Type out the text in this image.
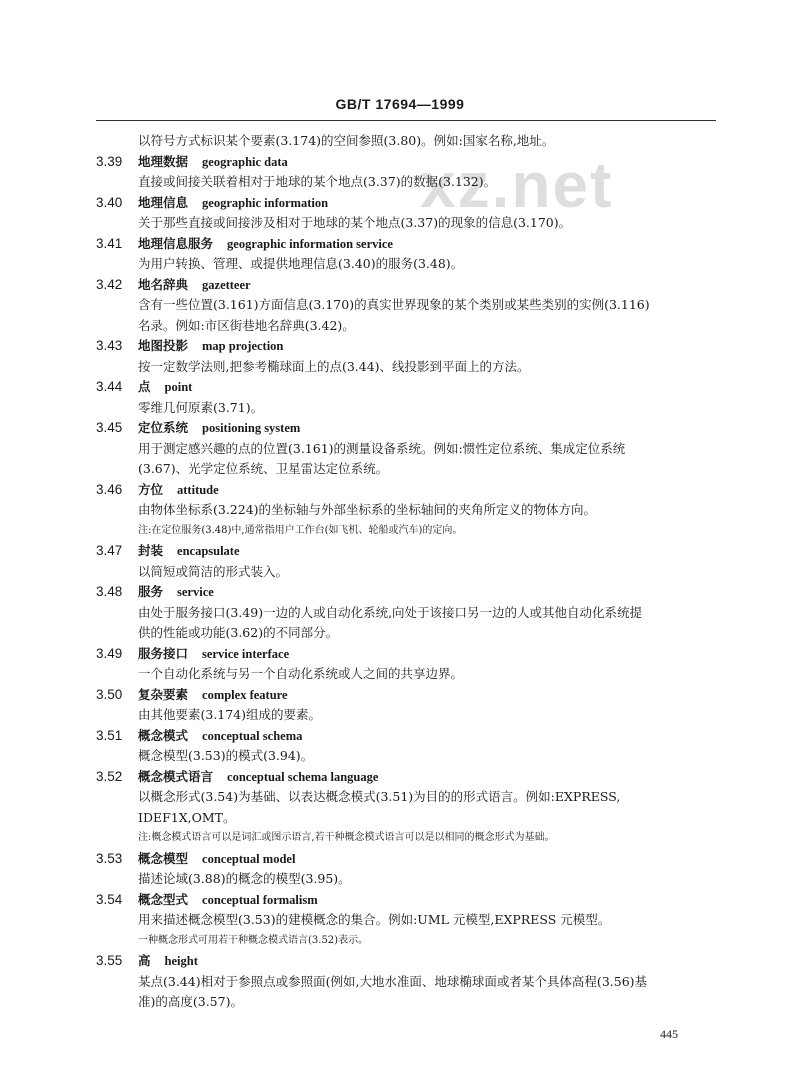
GB/T 17694—1999
xz.net
以符号方式标识某个要素(3.174)的空间参照(3.80)。例如:国家名称,地址。
3.39 地理数据 geographic data
直接或间接关联着相对于地球的某个地点(3.37)的数据(3.132)。
3.40 地理信息 geographic information
关于那些直接或间接涉及相对于地球的某个地点(3.37)的现象的信息(3.170)。
3.41 地理信息服务 geographic information service
为用户转换、管理、或提供地理信息(3.40)的服务(3.48)。
3.42 地名辞典 gazetteer
含有一些位置(3.161)方面信息(3.170)的真实世界现象的某个类别或某些类别的实例(3.116)
名录。例如:市区街巷地名辞典(3.42)。
3.43 地图投影 map projection
按一定数学法则,把参考椭球面上的点(3.44)、线投影到平面上的方法。
3.44 点 point
零维几何原素(3.71)。
3.45 定位系统 positioning system
用于测定感兴趣的点的位置(3.161)的测量设备系统。例如:惯性定位系统、集成定位系统
(3.67)、光学定位系统、卫星雷达定位系统。
3.46 方位 attitude
由物体坐标系(3.224)的坐标轴与外部坐标系的坐标轴间的夹角所定义的物体方向。
注:在定位服务(3.48)中,通常指用户工作台(如飞机、轮船或汽车)的定向。
3.47 封装 encapsulate
以简短或简洁的形式装入。
3.48 服务 service
由处于服务接口(3.49)一边的人或自动化系统,向处于该接口另一边的人或其他自动化系统提
供的性能或功能(3.62)的不同部分。
3.49 服务接口 service interface
一个自动化系统与另一个自动化系统或人之间的共享边界。
3.50 复杂要素 complex feature
由其他要素(3.174)组成的要素。
3.51 概念模式 conceptual schema
概念模型(3.53)的模式(3.94)。
3.52 概念模式语言 conceptual schema language
以概念形式(3.54)为基础、以表达概念模式(3.51)为目的的形式语言。例如:EXPRESS,
IDEF1X,OMT。
注:概念模式语言可以是词汇或图示语言,若干种概念模式语言可以是以相同的概念形式为基础。
3.53 概念模型 conceptual model
描述论域(3.88)的概念的模型(3.95)。
3.54 概念型式 conceptual formalism
用来描述概念模型(3.53)的建模概念的集合。例如:UML 元模型,EXPRESS 元模型。
一种概念形式可用若干种概念模式语言(3.52)表示。
3.55 高 height
某点(3.44)相对于参照点或参照面(例如,大地水准面、地球椭球面或者某个具体高程(3.56)基
准)的高度(3.57)。
445
